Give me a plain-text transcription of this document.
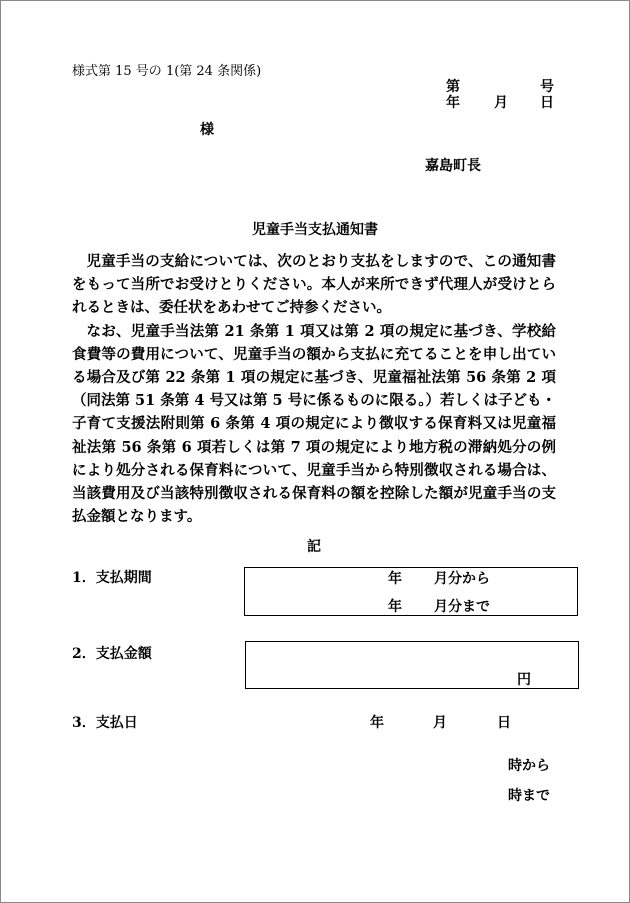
様式第 15 号の 1(第 24 条関係)
第	号
年 月 日
様
嘉島町長
児童手当支払通知書

児童手当の支給については、次のとおり支払をしますので、この通知書をもって当所でお受けとりください。本人が来所できず代理人が受けとられるときは、委任状をあわせてご持参ください。

なお、児童手当法第 21 条第 1 項又は第 2 項の規定に基づき、学校給食費等の費用について、児童手当の額から支払に充てることを申し出ている場合及び第 22 条第 1 項の規定に基づき、児童福祉法第 56 条第 2 項（同法第 51 条第 4 号又は第 5 号に係るものに限る。）若しくは子ども・子育て支援法附則第 6 条第 4 項の規定により徴収する保育料又は児童福祉法第 56 条第 6 項若しくは第 7 項の規定により地方税の滞納処分の例により処分される保育料について、児童手当から特別徴収される場合は、当該費用及び当該特別徴収される保育料の額を控除した額が児童手当の支払金額となります。

記
1．支払期間	年 月分から
年 月分まで
2．支払金額
円
3．支払日	年	月	日
時から
時まで
